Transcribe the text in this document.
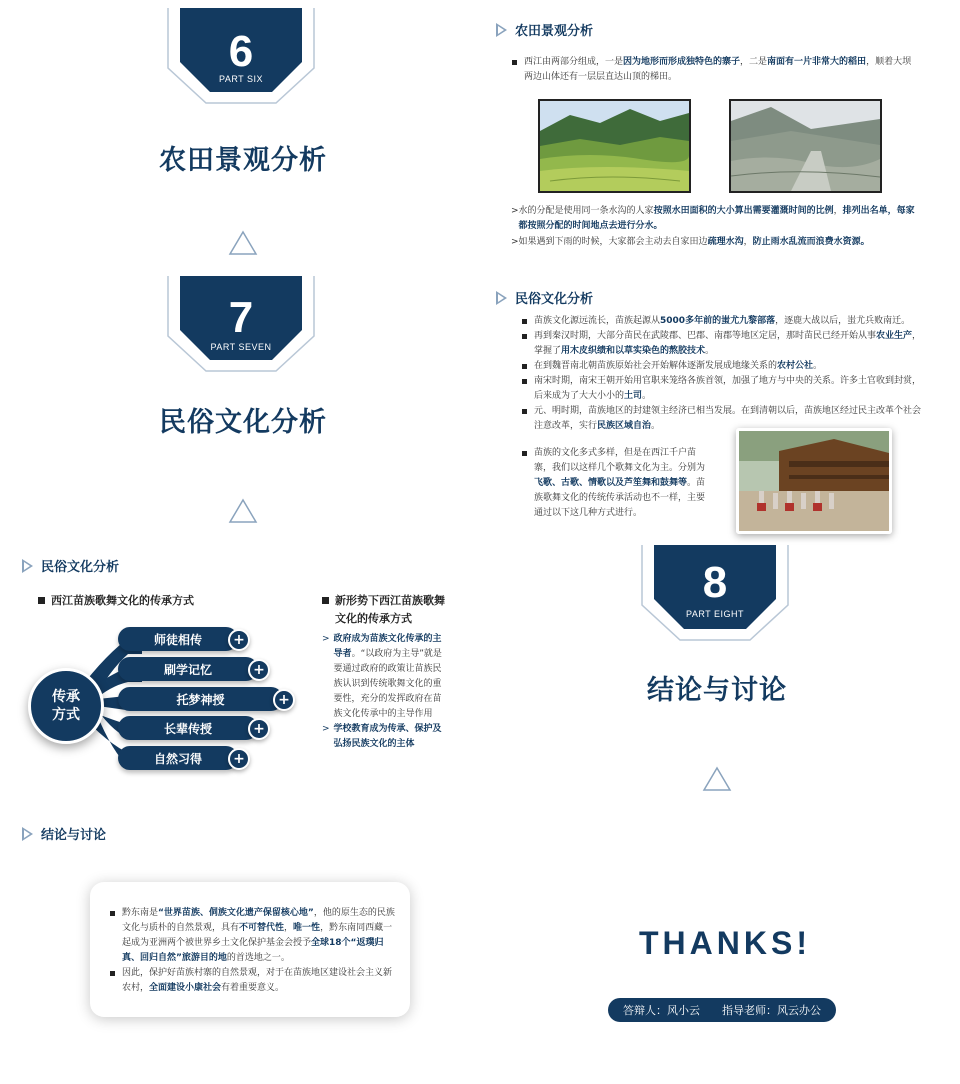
6
PART SIX
农田景观分析
7
PART SEVEN
民俗文化分析
农田景观分析
西江由两部分组成，一是因为地形而形成独特色的寨子，二是南面有一片非常大的稻田，顺着大坝两边山体还有一层层直达山顶的梯田。
> 水的分配是使用同一条水沟的人家按照水田面积的大小算出需要灌溉时间的比例，排列出名单，每家都按照分配的时间地点去进行分水。
> 如果遇到下雨的时候，大家都会主动去自家田边疏理水沟，防止雨水乱流而浪费水资源。
民俗文化分析
苗族文化源远流长，苗族起源从5000多年前的蚩尤九黎部落，逐鹿大战以后，蚩尤兵败南迁。
再到秦汉时期，大部分苗民在武陵郡、巴郡、南郡等地区定居，那时苗民已经开始从事农业生产，掌握了用木皮织绩和以草实染色的熬胶技术。
在到魏晋南北朝苗族原始社会开始解体逐渐发展成地缘关系的农村公社。
南宋时期，南宋王朝开始用官职来笼络各族首领，加强了地方与中央的关系。许多土官收到封赏，后来成为了大大小小的土司。
元、明时期，苗族地区的封建领主经济已相当发展。在到清朝以后，苗族地区经过民主改革个社会注意改革，实行民族区域自治。
苗族的文化多式多样，但是在西江千户苗寨，我们以这样几个歌舞文化为主。分别为飞歌、古歌、情歌以及芦笙舞和鼓舞等。苗族歌舞文化的传统传承活动也不一样，主要通过以下这几种方式进行。
民俗文化分析
西江苗族歌舞文化的传承方式
传承
方式
师徒相传	+
刷学记忆	+
托梦神授	+
长辈传授	+
自然习得	+
新形势下西江苗族歌舞文化的传承方式
> 政府成为苗族文化传承的主导者。“以政府为主导”就是要通过政府的政策让苗族民族认识到传统歌舞文化的重要性，充分的发挥政府在苗族文化传承中的主导作用
> 学校教育成为传承、保护及弘扬民族文化的主体
8
PART EIGHT
结论与讨论
结论与讨论
黔东南是“世界苗族、侗族文化遗产保留核心地”，他的原生态的民族文化与质朴的自然景观，具有不可替代性，唯一性，黔东南同西藏一起成为亚洲两个被世界乡土文化保护基金会授予全球18个“返璞归真、回归自然”旅游目的地的首选地之一。
因此，保护好苗族村寨的自然景观，对于在苗族地区建设社会主义新农村，全面建设小康社会有着重要意义。
THANKS!
答辩人：风小云 指导老师：风云办公
